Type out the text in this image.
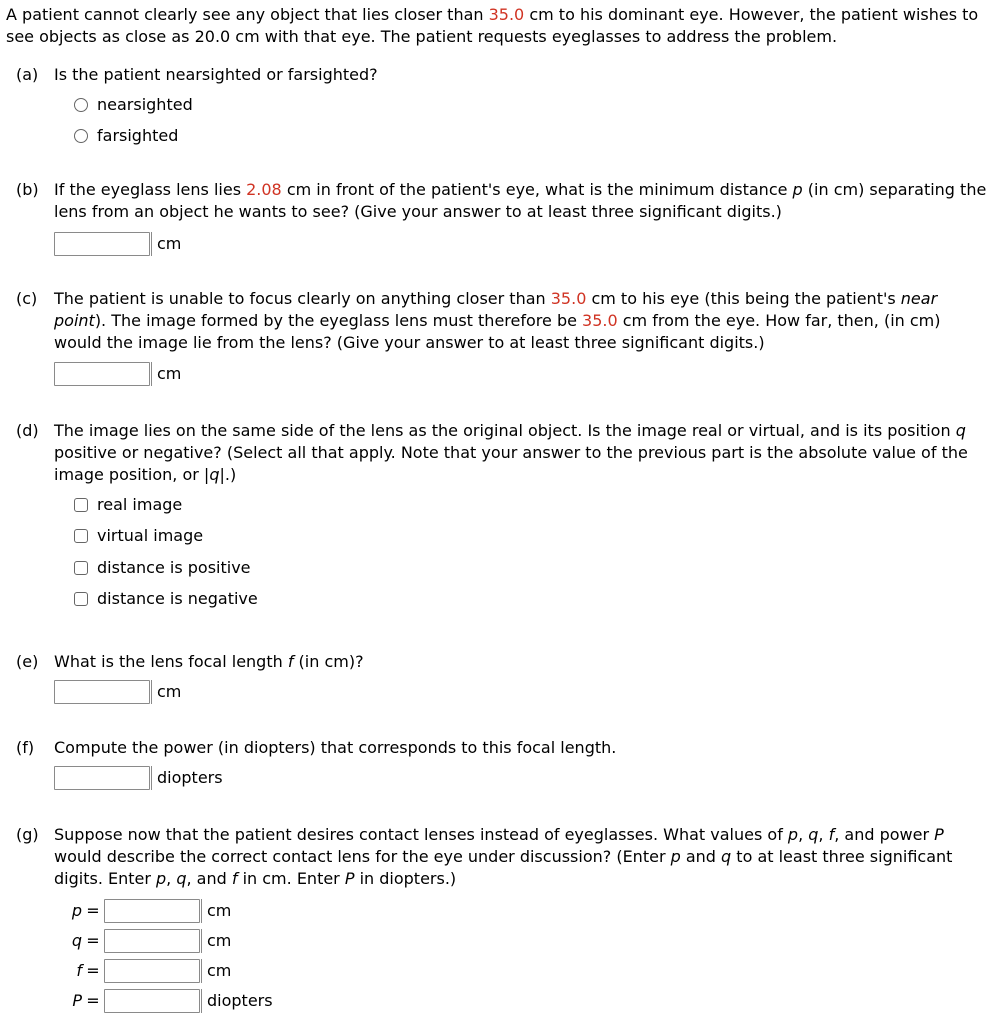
A patient cannot clearly see any object that lies closer than 35.0 cm to his dominant eye. However, the patient wishes to see objects as close as 20.0 cm with that eye. The patient requests eyeglasses to address the problem.
(a) Is the patient nearsighted or farsighted?
nearsighted
farsighted
(b) If the eyeglass lens lies 2.08 cm in front of the patient's eye, what is the minimum distance p (in cm) separating the lens from an object he wants to see? (Give your answer to at least three significant digits.)
cm
(c)	The patient is unable to focus clearly on anything closer than 35.0 cm to his eye (this being the patient's near point). The image formed by the eyeglass lens must therefore be 35.0 cm from the eye. How far, then, (in cm) would the image lie from the lens? (Give your answer to at least three significant digits.)
cm
(d) The image lies on the same side of the lens as the original object. Is the image real or virtual, and is its position q positive or negative? (Select all that apply. Note that your answer to the previous part is the absolute value of the image position, or |q|.)
real image
virtual image
distance is positive
distance is negative
(e) What is the lens focal length f (in cm)?
cm
(f)	Compute the power (in diopters) that corresponds to this focal length.
diopters
(g) Suppose now that the patient desires contact lenses instead of eyeglasses. What values of p, q, f, and power P would describe the correct contact lens for the eye under discussion? (Enter p and q to at least three significant digits. Enter p, q, and f in cm. Enter P in diopters.)
p =	cm
q =	cm
f =	cm
P =	diopters
